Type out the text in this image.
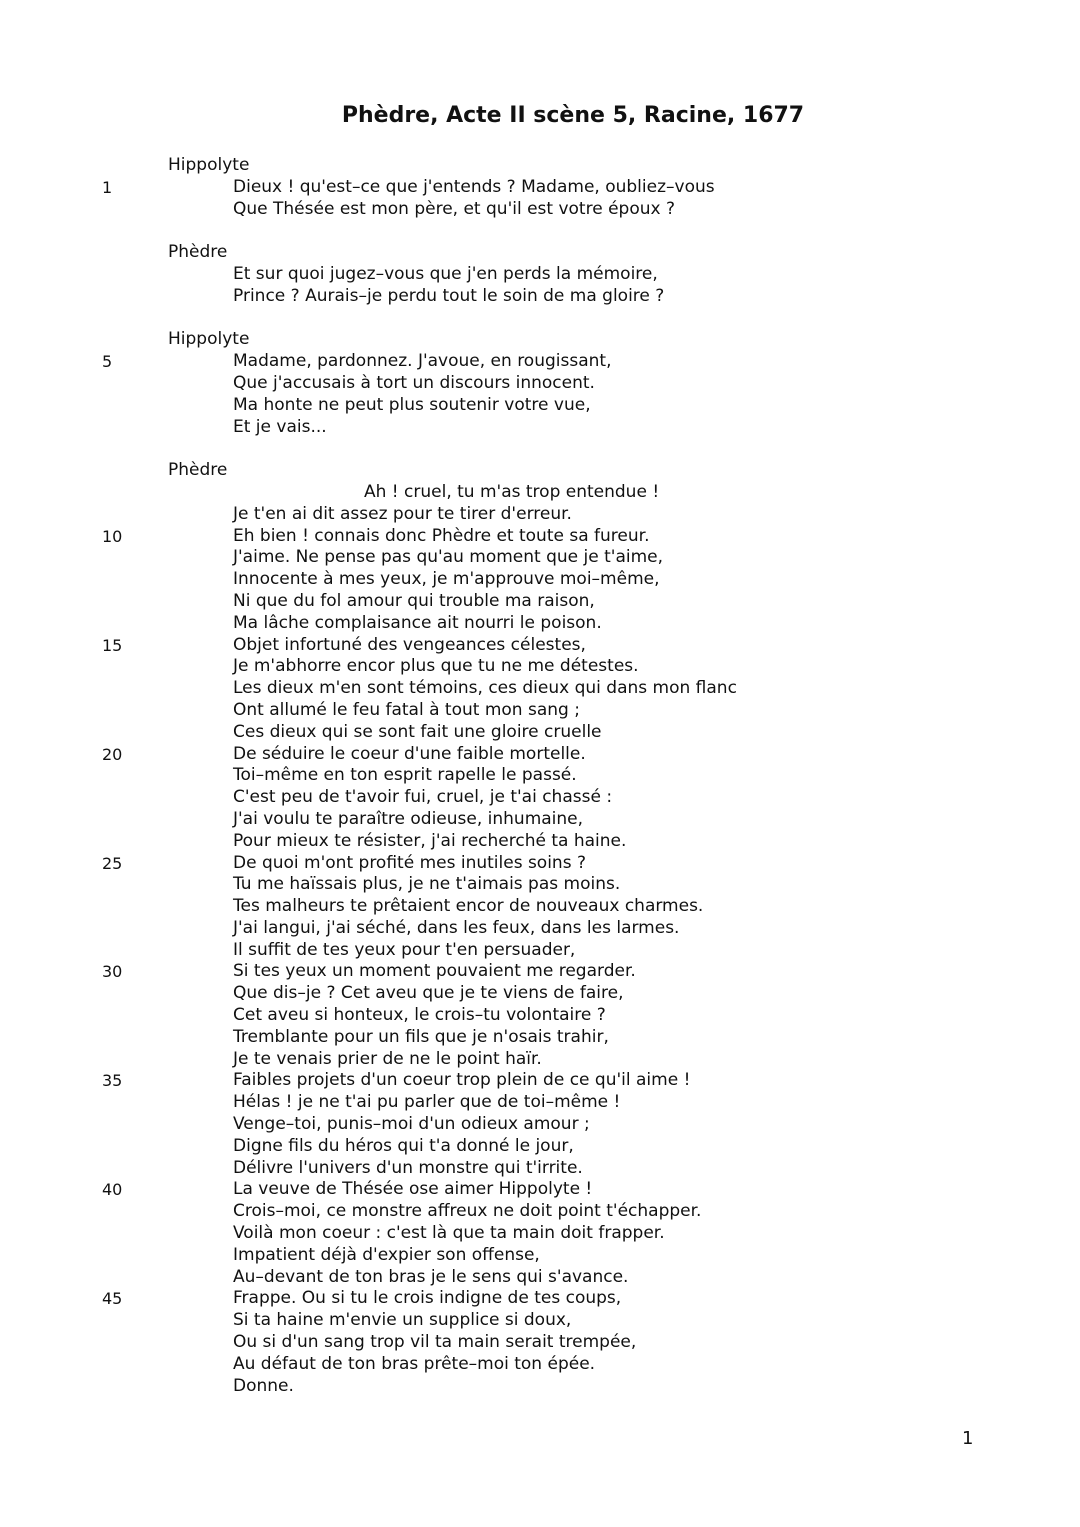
Phèdre, Acte II scène 5, Racine, 1677
Hippolyte
1	Dieux ! qu'est–ce que j'entends ? Madame, oubliez–vous
Que Thésée est mon père, et qu'il est votre époux ?
Phèdre
Et sur quoi jugez–vous que j'en perds la mémoire,
Prince ? Aurais–je perdu tout le soin de ma gloire ?
Hippolyte
5	Madame, pardonnez. J'avoue, en rougissant,
Que j'accusais à tort un discours innocent.
Ma honte ne peut plus soutenir votre vue,
Et je vais...
Phèdre
Ah ! cruel, tu m'as trop entendue !
Je t'en ai dit assez pour te tirer d'erreur.
10	Eh bien ! connais donc Phèdre et toute sa fureur.
J'aime. Ne pense pas qu'au moment que je t'aime,
Innocente à mes yeux, je m'approuve moi–même,
Ni que du fol amour qui trouble ma raison,
Ma lâche complaisance ait nourri le poison.
15	Objet infortuné des vengeances célestes,
Je m'abhorre encor plus que tu ne me détestes.
Les dieux m'en sont témoins, ces dieux qui dans mon flanc
Ont allumé le feu fatal à tout mon sang ;
Ces dieux qui se sont fait une gloire cruelle
20	De séduire le coeur d'une faible mortelle.
Toi–même en ton esprit rapelle le passé.
C'est peu de t'avoir fui, cruel, je t'ai chassé :
J'ai voulu te paraître odieuse, inhumaine,
Pour mieux te résister, j'ai recherché ta haine.
25	De quoi m'ont profité mes inutiles soins ?
Tu me haïssais plus, je ne t'aimais pas moins.
Tes malheurs te prêtaient encor de nouveaux charmes.
J'ai langui, j'ai séché, dans les feux, dans les larmes.
Il suffit de tes yeux pour t'en persuader,
30	Si tes yeux un moment pouvaient me regarder.
Que dis–je ? Cet aveu que je te viens de faire,
Cet aveu si honteux, le crois–tu volontaire ?
Tremblante pour un fils que je n'osais trahir,
Je te venais prier de ne le point haïr.
35	Faibles projets d'un coeur trop plein de ce qu'il aime !
Hélas ! je ne t'ai pu parler que de toi–même !
Venge–toi, punis–moi d'un odieux amour ;
Digne fils du héros qui t'a donné le jour,
Délivre l'univers d'un monstre qui t'irrite.
40	La veuve de Thésée ose aimer Hippolyte !
Crois–moi, ce monstre affreux ne doit point t'échapper.
Voilà mon coeur : c'est là que ta main doit frapper.
Impatient déjà d'expier son offense,
Au–devant de ton bras je le sens qui s'avance.
45	Frappe. Ou si tu le crois indigne de tes coups,
Si ta haine m'envie un supplice si doux,
Ou si d'un sang trop vil ta main serait trempée,
Au défaut de ton bras prête–moi ton épée.
Donne.
1
